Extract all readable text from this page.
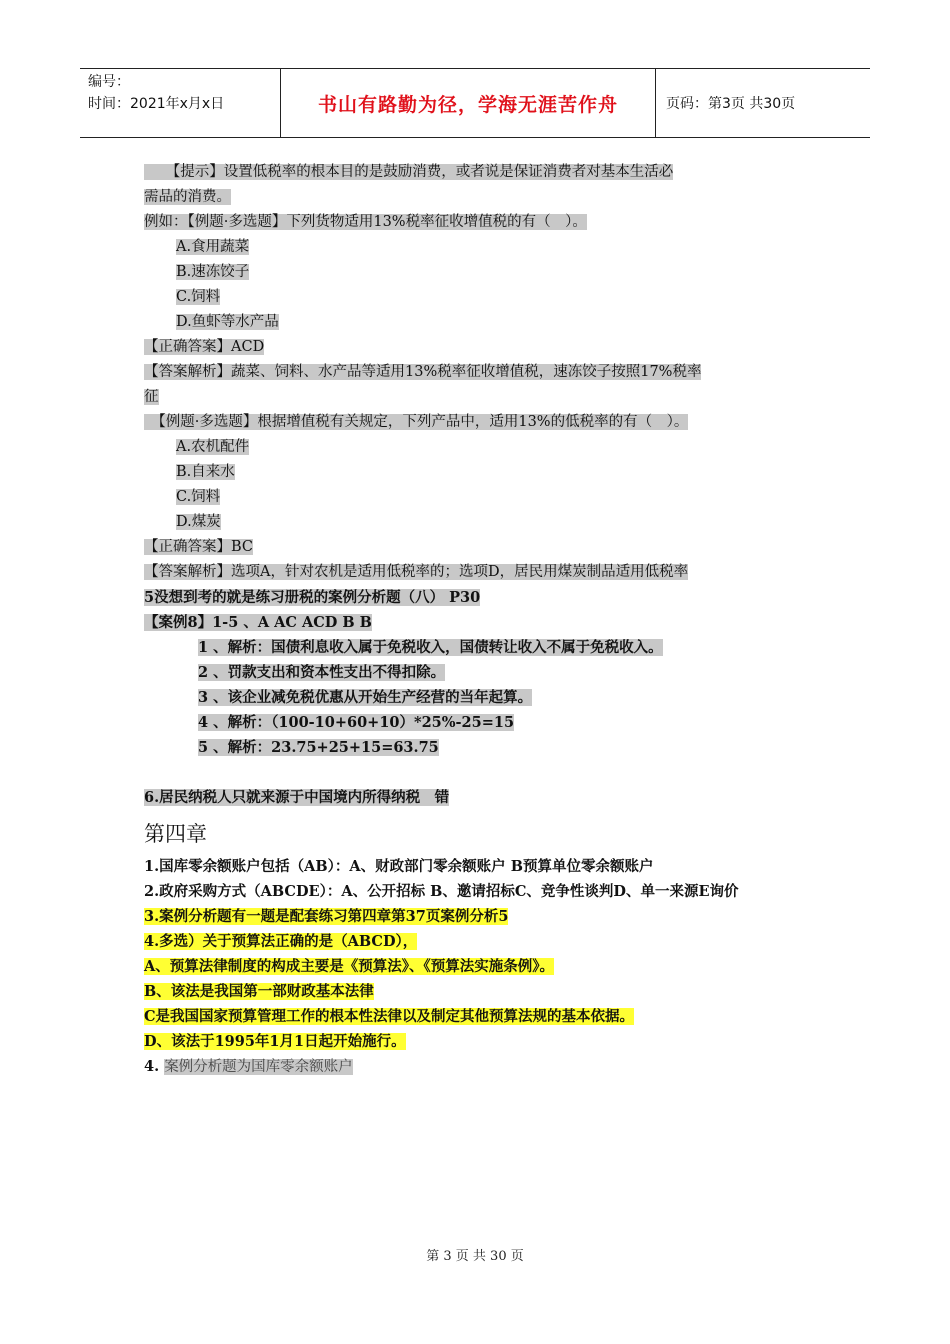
编号：
时间：2021年x月x日	书山有路勤为径，学海无涯苦作舟	页码：第3页 共30页
　　【提示】设置低税率的根本目的是鼓励消费，或者说是保证消费者对基本生活必
需品的消费。
例如：【例题·多选题】下列货物适用13%税率征收增值税的有（　）。
A.食用蔬菜
B.速冻饺子
C.饲料
D.鱼虾等水产品
【正确答案】ACD
【答案解析】蔬菜、饲料、水产品等适用13%税率征收增值税，速冻饺子按照17%税率
征
　【例题·多选题】根据增值税有关规定，下列产品中，适用13%的低税率的有（　）。
A.农机配件
B.自来水
C.饲料
D.煤炭
【正确答案】BC
【答案解析】选项A，针对农机是适用低税率的；选项D，居民用煤炭制品适用低税率
5没想到考的就是练习册税的案例分析题（八） P30
【案例8】1-5 、A AC ACD B B
1 、解析：国债利息收入属于免税收入，国债转让收入不属于免税收入。
2 、罚款支出和资本性支出不得扣除。
3 、该企业减免税优惠从开始生产经营的当年起算。
4 、解析：（100-10+60+10）*25%-25=15
5 、解析：23.75+25+15=63.75
6.居民纳税人只就来源于中国境内所得纳税　错
第四章
1.国库零余额账户包括（AB）：A、财政部门零余额账户 B预算单位零余额账户
2.政府采购方式（ABCDE）：A、公开招标 B、邀请招标C、竞争性谈判D、单一来源E询价
3.案例分析题有一题是配套练习第四章第37页案例分析5
4.多选）关于预算法正确的是（ABCD），
A、预算法律制度的构成主要是《预算法》、《预算法实施条例》。
B、该法是我国第一部财政基本法律
C是我国国家预算管理工作的根本性法律以及制定其他预算法规的基本依据。
D、该法于1995年1月1日起开始施行。
4. 案例分析题为国库零余额账户
第 3 页 共 30 页
